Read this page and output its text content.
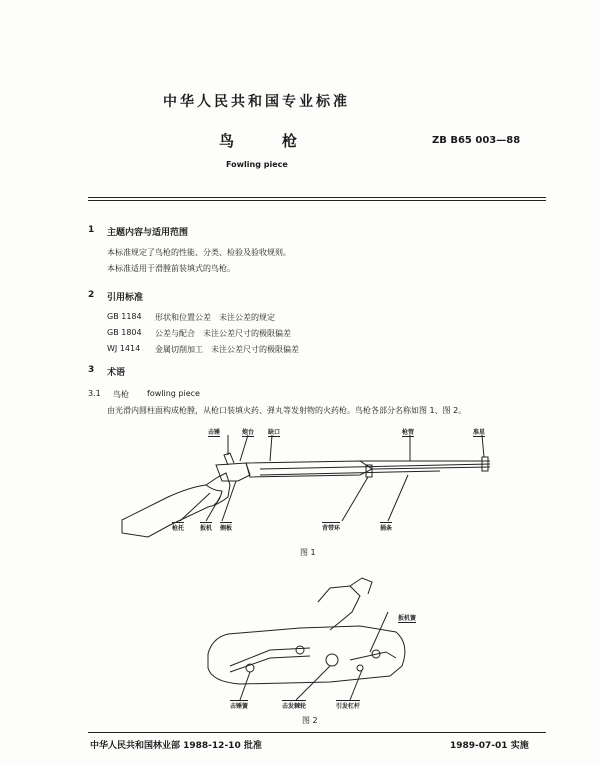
中华人民共和国专业标准
鸟	枪	ZB B65 003—88
Fowling piece
1 主题内容与适用范围
本标准规定了鸟枪的性能、分类、检验及验收规则。
本标准适用于滑膛前装填式的鸟枪。
2 引用标准
GB 1184 形状和位置公差　未注公差的规定
GB 1804 公差与配合　未注公差尺寸的极限偏差
WJ 1414 金属切削加工　未注公差尺寸的极限偏差
3 术语
3.1 鸟枪 fowling piece
由光滑内圆柱面构成枪膛，从枪口装填火药、弹丸等发射物的火药枪。鸟枪各部分名称如图 1、图 2。
击锤	炮台 缺口	枪管	准星
枪托	扳机 侧板	背带环	捅条
图 1
扳机簧
击锤簧	击发棘轮	引发杠杆
图 2
中华人民共和国林业部 1988-12-10 批准	1989-07-01 实施
